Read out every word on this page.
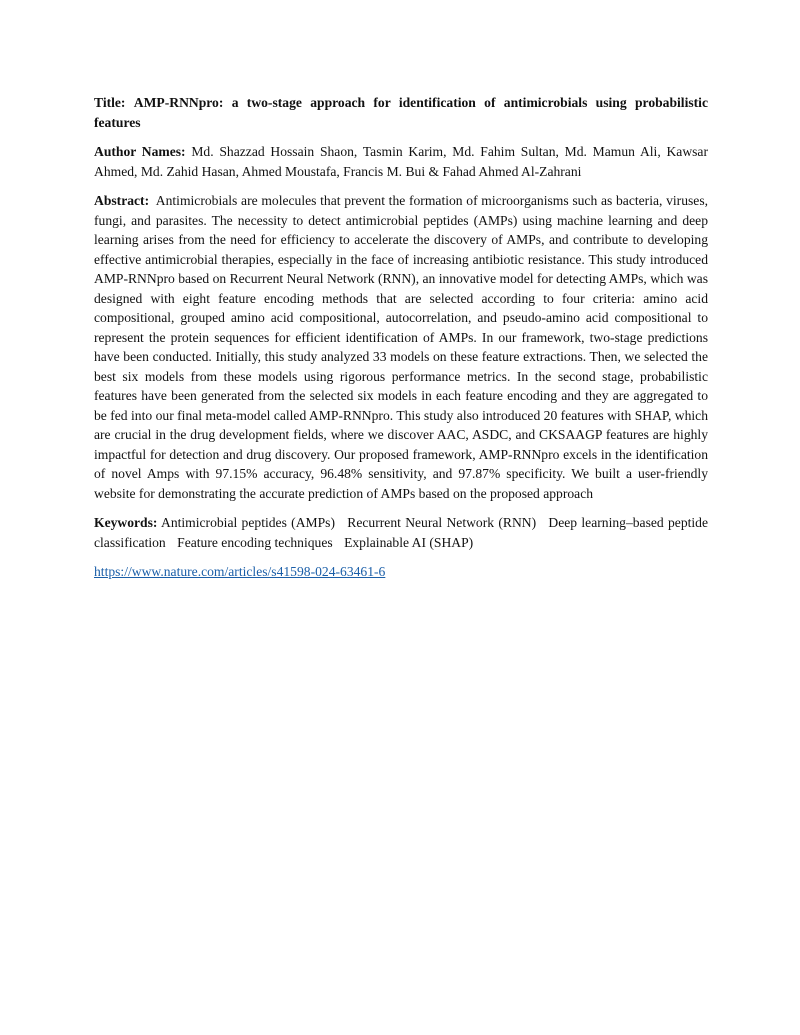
Title: AMP-RNNpro: a two-stage approach for identification of antimicrobials using probabilistic features

Author Names: Md. Shazzad Hossain Shaon, Tasmin Karim, Md. Fahim Sultan, Md. Mamun Ali, Kawsar Ahmed, Md. Zahid Hasan, Ahmed Moustafa, Francis M. Bui & Fahad Ahmed Al-Zahrani

Abstract: Antimicrobials are molecules that prevent the formation of microorganisms such as bacteria, viruses, fungi, and parasites. The necessity to detect antimicrobial peptides (AMPs) using machine learning and deep learning arises from the need for efficiency to accelerate the discovery of AMPs, and contribute to developing effective antimicrobial therapies, especially in the face of increasing antibiotic resistance. This study introduced AMP-RNNpro based on Recurrent Neural Network (RNN), an innovative model for detecting AMPs, which was designed with eight feature encoding methods that are selected according to four criteria: amino acid compositional, grouped amino acid compositional, autocorrelation, and pseudo-amino acid compositional to represent the protein sequences for efficient identification of AMPs. In our framework, two-stage predictions have been conducted. Initially, this study analyzed 33 models on these feature extractions. Then, we selected the best six models from these models using rigorous performance metrics. In the second stage, probabilistic features have been generated from the selected six models in each feature encoding and they are aggregated to be fed into our final meta-model called AMP-RNNpro. This study also introduced 20 features with SHAP, which are crucial in the drug development fields, where we discover AAC, ASDC, and CKSAAGP features are highly impactful for detection and drug discovery. Our proposed framework, AMP-RNNpro excels in the identification of novel Amps with 97.15% accuracy, 96.48% sensitivity, and 97.87% specificity. We built a user-friendly website for demonstrating the accurate prediction of AMPs based on the proposed approach

Keywords: Antimicrobial peptides (AMPs) Recurrent Neural Network (RNN) Deep learning–based peptide classification Feature encoding techniques Explainable AI (SHAP)

https://www.nature.com/articles/s41598-024-63461-6
